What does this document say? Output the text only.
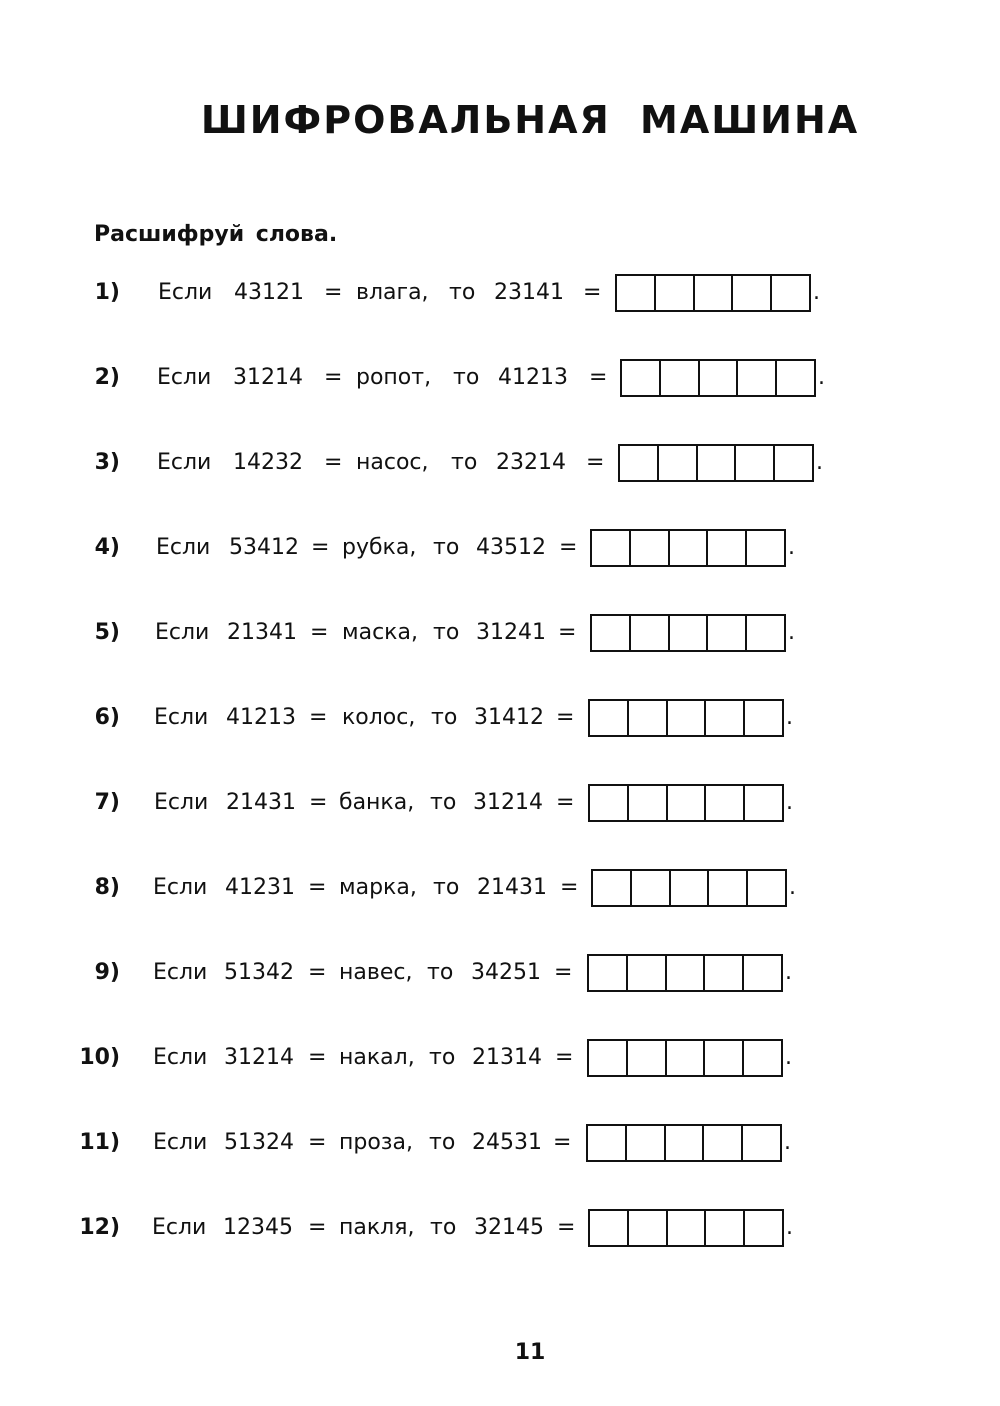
ШИФРОВАЛЬНАЯ МАШИНА

Расшифруй слова.

1) Если 43121 = влага, то 23141 =	.
2) Если 31214 = ропот, то 41213 =	.
3) Если 14232 = насос, то 23214 =	.
4) Если 53412 = рубка, то 43512 =	.
5) Если 21341 = маска, то 31241 =	.
6) Если 41213 = колос, то 31412 =	.
7) Если 21431 = банка, то 31214 =	.
8) Если 41231 = марка, то 21431 =	.
9) Если 51342 = навес, то 34251 =	.
10) Если 31214 = накал, то 21314 =	.
11) Если 51324 = проза, то 24531 =	.
12) Если 12345 = пакля, то 32145 =	.
11
